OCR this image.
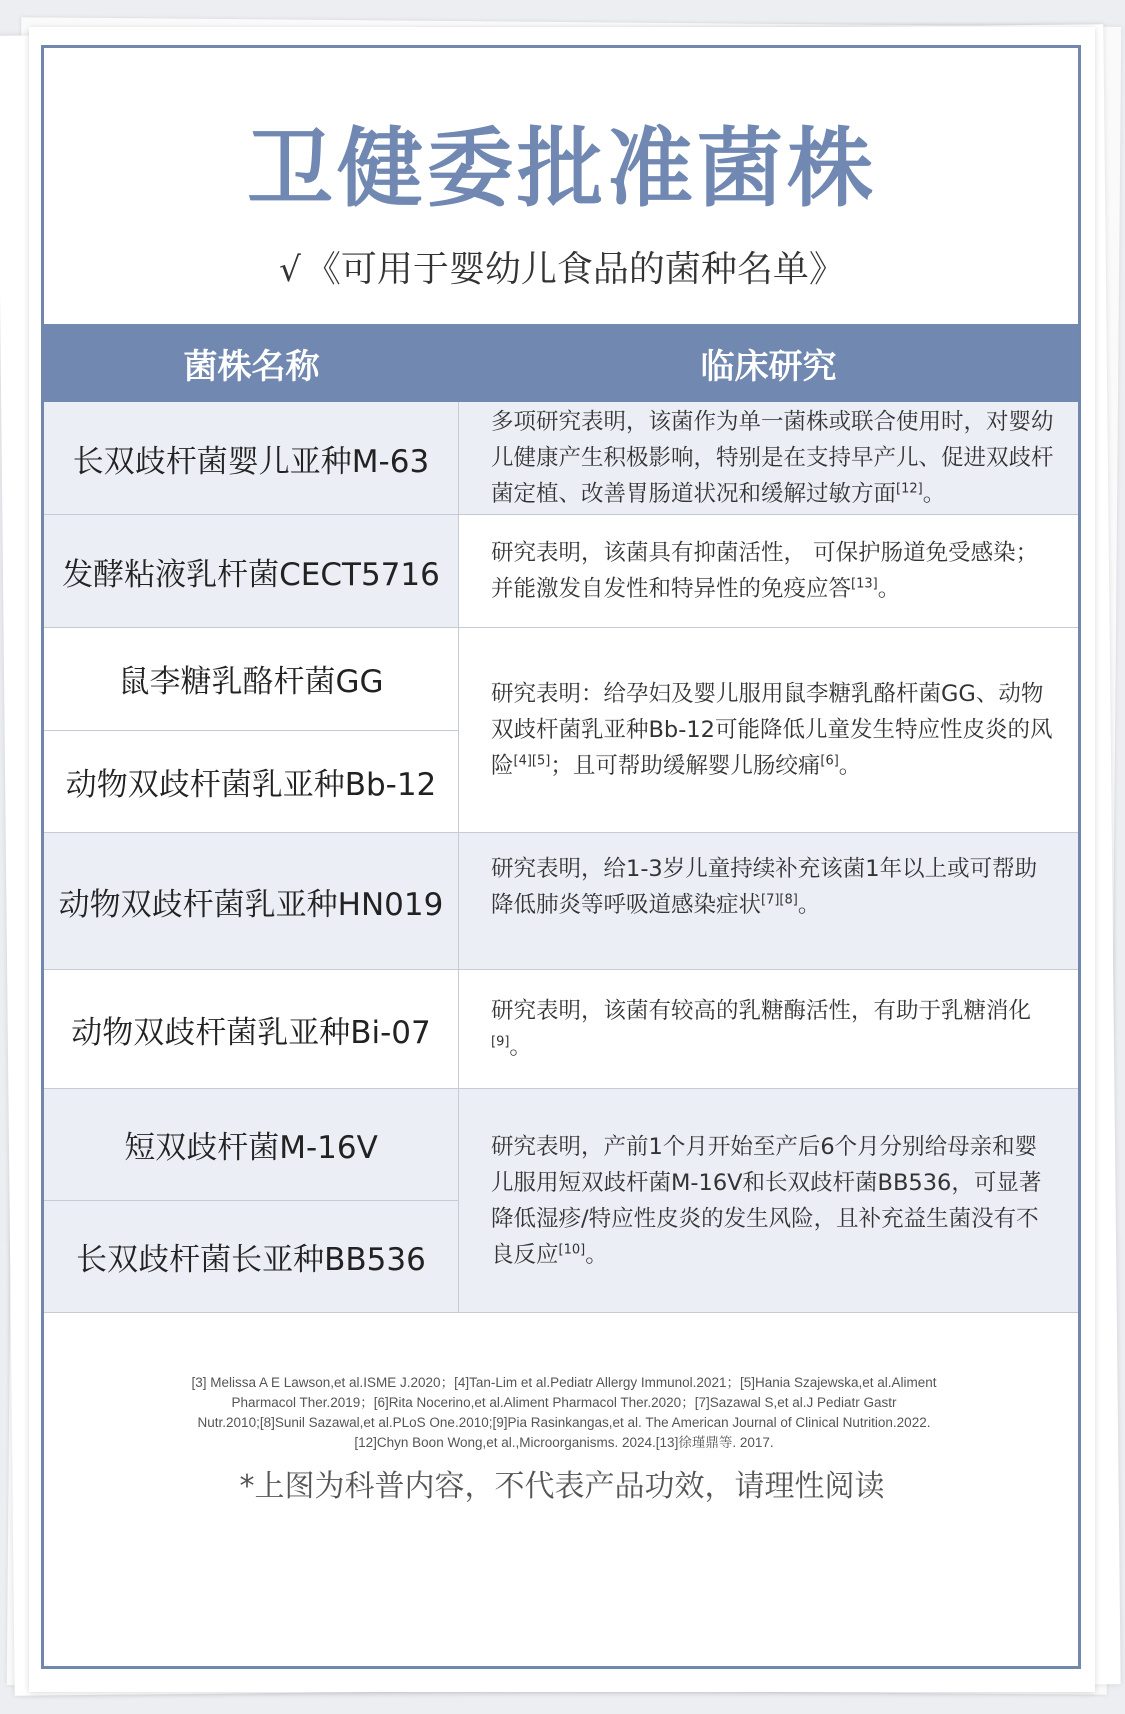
卫健委批准菌株
√ 《可用于婴幼儿食品的菌种名单》
菌株名称	临床研究
长双歧杆菌婴儿亚种M-63
多项研究表明，该菌作为单一菌株或联合使用时，对婴幼儿健康产生积极影响，特别是在支持早产儿、促进双歧杆菌定植、改善胃肠道状况和缓解过敏方面[12]。
发酵粘液乳杆菌CECT5716
研究表明，该菌具有抑菌活性， 可保护肠道免受感染；并能激发自发性和特异性的免疫应答[13]。
鼠李糖乳酪杆菌GG
动物双歧杆菌乳亚种Bb-12
研究表明：给孕妇及婴儿服用鼠李糖乳酪杆菌GG、动物双歧杆菌乳亚种Bb-12可能降低儿童发生特应性皮炎的风险[4][5]；且可帮助缓解婴儿肠绞痛[6]。
动物双歧杆菌乳亚种HN019
研究表明，给1-3岁儿童持续补充该菌1年以上或可帮助降低肺炎等呼吸道感染症状[7][8]。
动物双歧杆菌乳亚种Bi-07
研究表明，该菌有较高的乳糖酶活性，有助于乳糖消化[9]。
短双歧杆菌M-16V
长双歧杆菌长亚种BB536
研究表明，产前1个月开始至产后6个月分别给母亲和婴儿服用短双歧杆菌M-16V和长双歧杆菌BB536，可显著降低湿疹/特应性皮炎的发生风险，且补充益生菌没有不良反应[10]。
[3] Melissa A E Lawson,et al.ISME J.2020；[4]Tan-Lim et al.Pediatr Allergy Immunol.2021；[5]Hania Szajewska,et al.Aliment
Pharmacol Ther.2019；[6]Rita Nocerino,et al.Aliment Pharmacol Ther.2020；[7]Sazawal S,et al.J Pediatr Gastr
Nutr.2010;[8]Sunil Sazawal,et al.PLoS One.2010;[9]Pia Rasinkangas,et al. The American Journal of Clinical Nutrition.2022.
[12]Chyn Boon Wong,et al.,Microorganisms. 2024.[13]徐瑾鼎等. 2017.
*上图为科普内容，不代表产品功效，请理性阅读
